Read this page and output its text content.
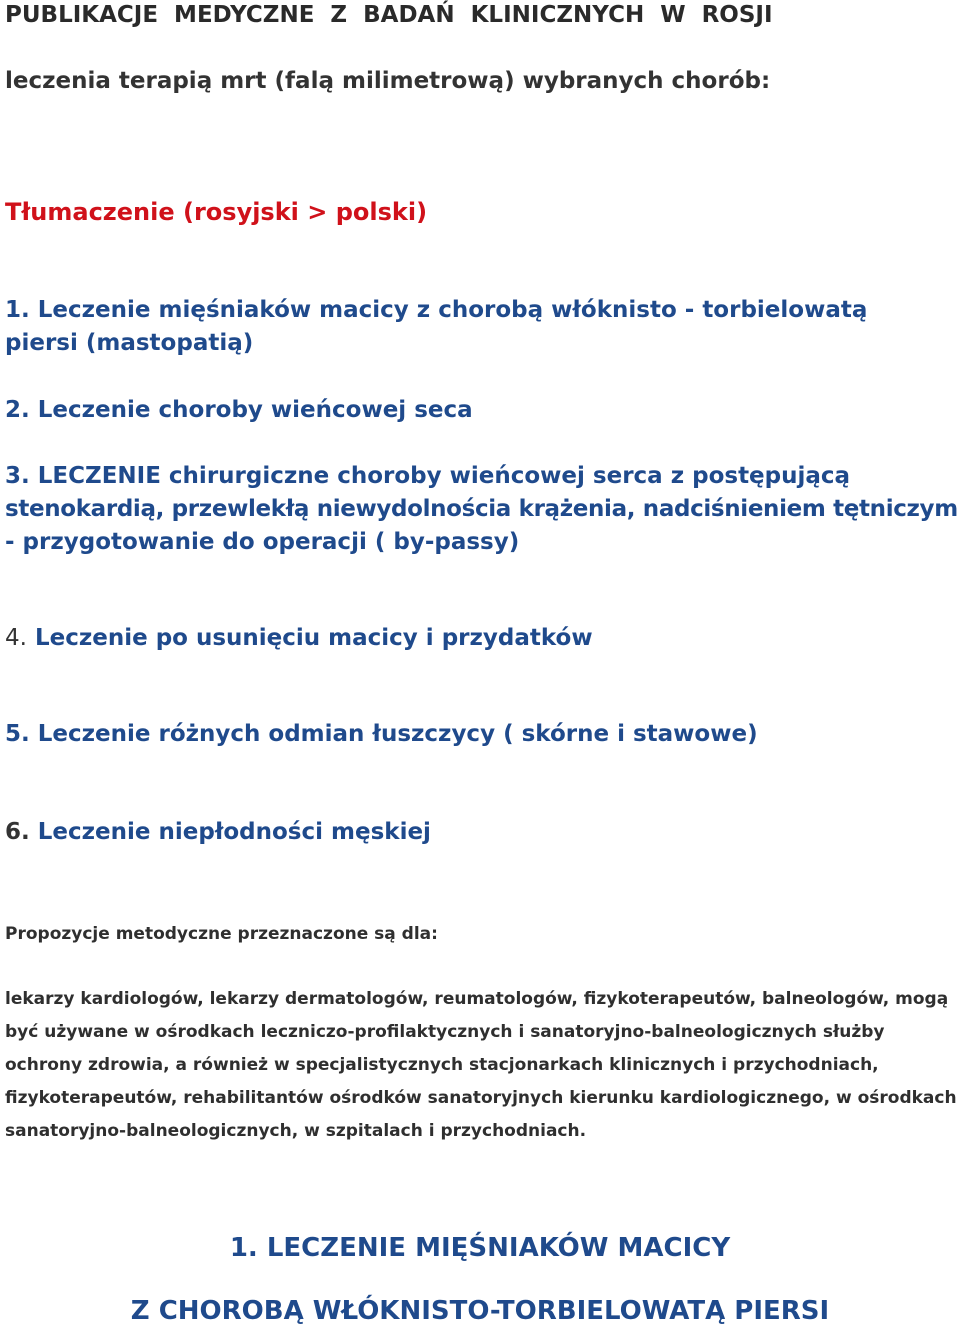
PUBLIKACJE MEDYCZNE Z BADAŃ KLINICZNYCH W ROSJI

leczenia terapią mrt (falą milimetrową) wybranych chorób:

Tłumaczenie (rosyjski > polski)

1. Leczenie mięśniaków macicy z chorobą włóknisto - torbielowatą
piersi (mastopatią)
2. Leczenie choroby wieńcowej seca
3. LECZENIE chirurgiczne choroby wieńcowej serca z postępującą
stenokardią, przewlekłą niewydolnościa krążenia, nadciśnieniem tętniczym
- przygotowanie do operacji ( by-passy)
4. Leczenie po usunięciu macicy i przydatków
5. Leczenie różnych odmian łuszczycy ( skórne i stawowe)
6. Leczenie niepłodności męskiej

Propozycje metodyczne przeznaczone są dla:

lekarzy kardiologów, lekarzy dermatologów, reumatologów, fizykoterapeutów, balneologów, mogą
być używane w ośrodkach leczniczo-profilaktycznych i sanatoryjno-balneologicznych służby
ochrony zdrowia, a również w specjalistycznych stacjonarkach klinicznych i przychodniach,
fizykoterapeutów, rehabilitantów ośrodków sanatoryjnych kierunku kardiologicznego, w ośrodkach
sanatoryjno-balneologicznych, w szpitalach i przychodniach.

1. LECZENIE MIĘŚNIAKÓW MACICY

Z CHOROBĄ WŁÓKNISTO-TORBIELOWATĄ PIERSI
